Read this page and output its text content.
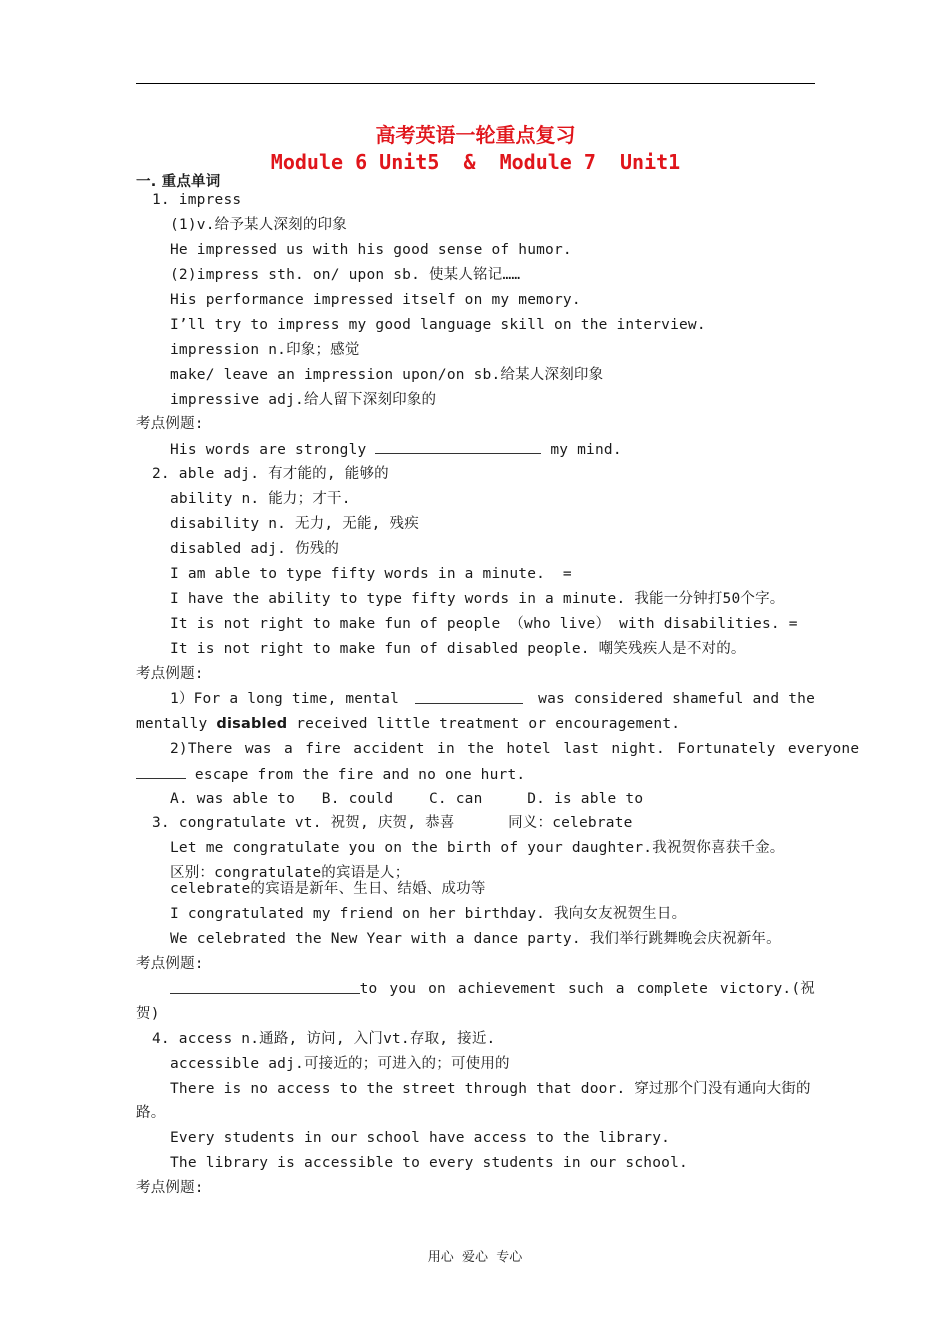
高考英语一轮重点复习
Module 6 Unit5  &  Module 7  Unit1
一. 重点单词
1. impress
(1)v.给予某人深刻的印象
He impressed us with his good sense of humor.
(2)impress sth. on/ upon sb. 使某人铭记……
His performance impressed itself on my memory.
I’ll try to impress my good language skill on the interview.
impression n.印象；感觉
make/ leave an impression upon/on sb.给某人深刻印象
impressive adj.给人留下深刻印象的
考点例题:
His words are strongly	my mind.
2. able adj. 有才能的, 能够的
ability n. 能力；才干.
disability n. 无力, 无能, 残疾
disabled adj. 伤残的
I am able to type fifty words in a minute.  =
I have the ability to type fifty words in a minute. 我能一分钟打50个字。
It is not right to make fun of people （who live） with disabilities. =
It is not right to make fun of disabled people. 嘲笑残疾人是不对的。
考点例题:
1）For a long time, mental	was considered shameful and the
mentally disabled received little treatment or encouragement.
2)There was a fire accident in the hotel last night. Fortunately everyone
escape from the fire and no one hurt.
A. was able to   B. could    C. can     D. is able to
3. congratulate vt. 祝贺, 庆贺, 恭喜      同义：celebrate
Let me congratulate you on the birth of your daughter.我祝贺你喜获千金。
区别：congratulate的宾语是人；
celebrate的宾语是新年、生日、结婚、成功等
I congratulated my friend on her birthday. 我向女友祝贺生日。
We celebrated the New Year with a dance party. 我们举行跳舞晚会庆祝新年。
考点例题:
to you on achievement such a complete victory.(祝
贺)
4. access n.通路, 访问, 入门vt.存取, 接近.
accessible adj.可接近的；可进入的；可使用的
There is no access to the street through that door. 穿过那个门没有通向大街的
路。
Every students in our school have access to the library.
The library is accessible to every students in our school.
考点例题:
用心  爱心  专心
